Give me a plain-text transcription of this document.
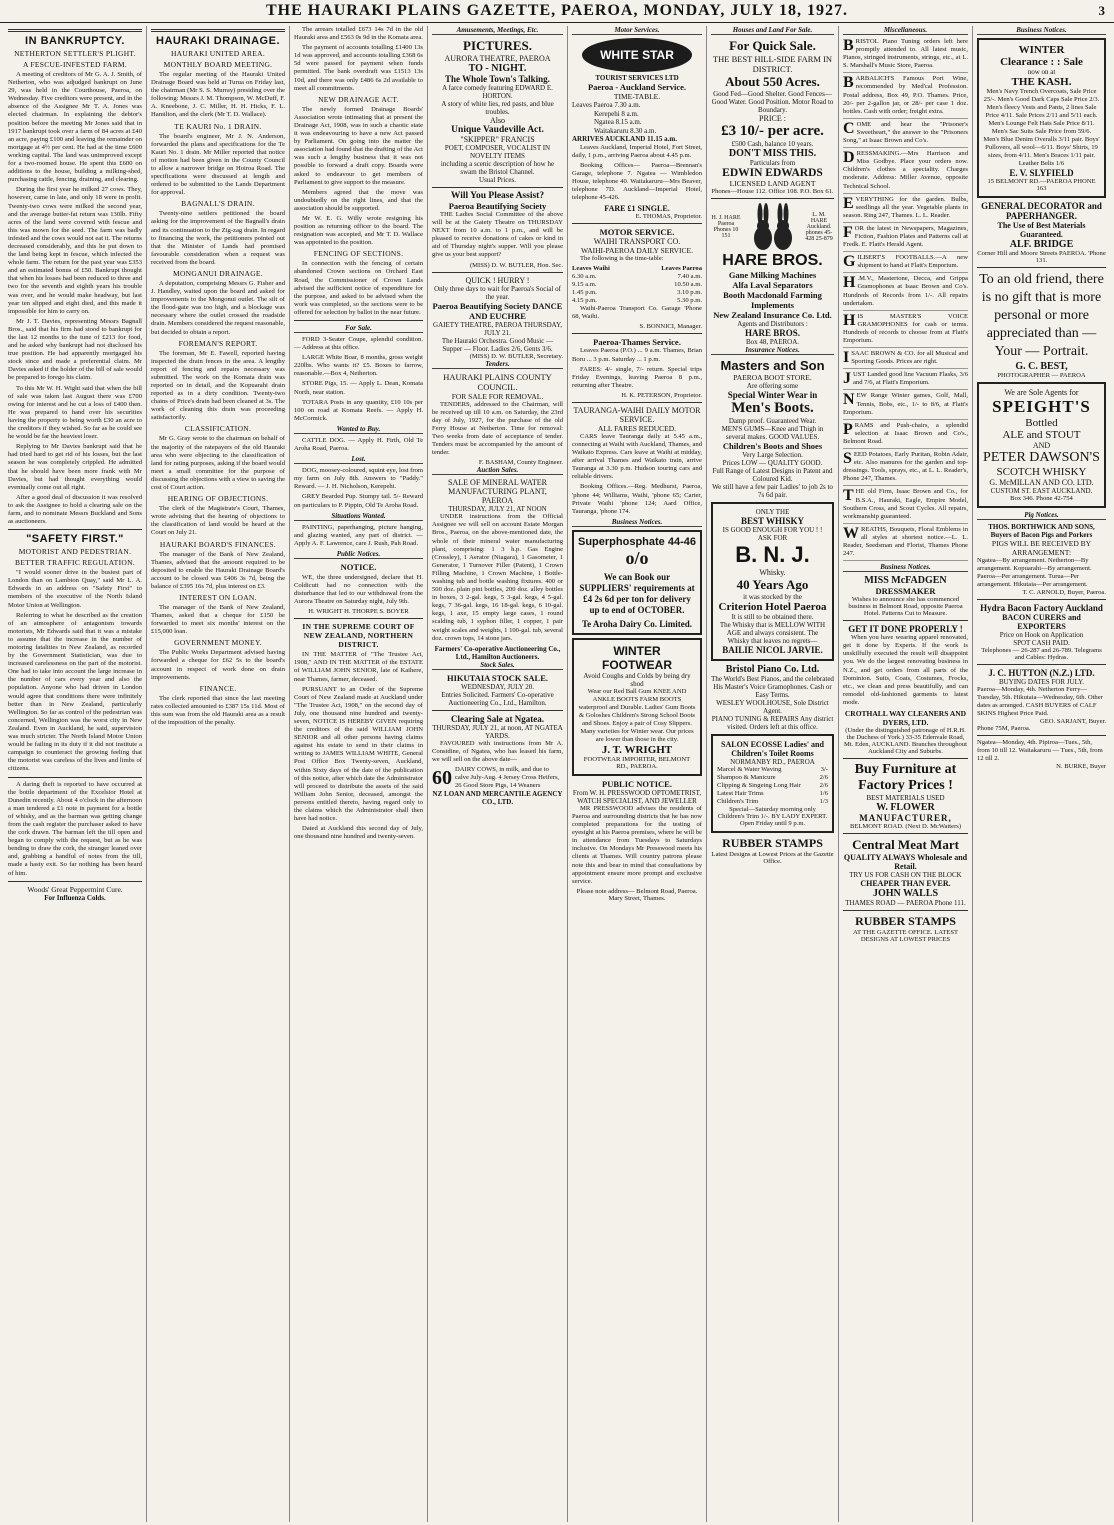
THE HAURAKI PLAINS GAZETTE, PAEROA, MONDAY, JULY 18, 1927.	3
IN BANKRUPTCY.
NETHERTON SETTLER'S PLIGHT.
A FESCUE-INFESTED FARM.

A meeting of creditors of Mr G. A. J. Smith, of Netherton, who was adjudged bankrupt on June 29, was held in the Courthouse, Paeroa, on Wednesday. Five creditors were present, and in the absence of the Assignee Mr T. A. Jones was elected chairman. In explaining the debtor's position before the meeting Mr Jones said that in 1917 bankrupt took over a farm of 84 acres at £40 an acre, paying £100 and leaving the remainder on mortgage at 4½ per cent. He had at the time £600 working capital. The land was unimproved except for a two-roomed house. He spent this £600 on additions to the house, building a milking-shed, purchasing cattle, fencing, draining, and clearing.

During the first year he milked 27 cows. They, however, came in late, and only 18 were in profit. Twenty-two cows were milked the second year, and the average butter-fat return was 130lb. Fifty acres of the land were covered with fescue and this was mown for the seed. The farm was badly infested and the cows would not eat it. The returns decreased considerably, and this he put down to the land being kept in fescue, which infected the whole farm. The return for the past year was £353 and an estimated bonus of £50. Bankrupt thought that when his losses had been reduced to three and two for the seventh and eighth years his trouble was over, and he would make headway, but last year ten slipped and eight died, and this made it impossible for him to carry on.

Mr J. T. Davies, representing Messrs Bagnall Bros., said that his firm had stood to bankrupt for the last 12 months to the tune of £213 for food, and he asked why bankrupt had not disclosed his true position. He had apparently mortgaged his stock since and made a preferential claim. Mr Davies asked if the holder of the bill of sale would be prepared to forego his claim.

To this Mr W. H. Wight said that when the bill of sale was taken last August there was £700 owing for interest and he cut a loss of £400 then. He was prepared to hand over his securities having the property to being worth £30 an acre to the creditors if they wished. So far as he could see he would be far the heaviest loser.

Replying to Mr Davies bankrupt said that he had tried hard to get rid of his losses, but the last season he was completely crippled. He admitted that he should have been more frank with Mr Davies, but had thought everything would eventually come out all right.

After a good deal of discussion it was resolved to ask the Assignee to hold a clearing sale on the farm, and to nominate Messrs Buckland and Sons as auctioneers.

"SAFETY FIRST."
MOTORIST AND PEDESTRIAN.
BETTER TRAFFIC REGULATION.

"I would sooner drive in the busiest part of London than on Lambton Quay," said Mr L. A. Edwards in an address on "Safety First" to members of the executive of the North Island Motor Union at Wellington.

Referring to what he described as the creation of an atmosphere of antagonism towards motorists, Mr Edwards said that it was a mistake to assume that the increase in the number of motoring fatalities in New Zealand, as recorded by the Government Statistician, was due to increased carelessness on the part of the motorist. One had to take into account the large increase in the number of cars every year and also the population. Anyone who had driven in London would agree that conditions there were infinitely better than in New Zealand, particularly Wellington. So far as control of the pedestrian was concerned, Wellington was the worst city in New Zealand. Even in Auckland, he said, supervision was much stricter. The North Island Motor Union would be failing in its duty if it did not institute a campaign to counteract the growing feeling that the motorist was careless of the lives and limbs of citizens.

A daring theft is reported to have occurred at the bottle department of the Excelsior Hotel at Dunedin recently. About 4 o'clock in the afternoon a man tendered a £1 note in payment for a bottle of whisky, and as the barman was getting change from the cash register the purchaser asked to have the cork drawn. The barman left the till open and began to comply with the request, but as he was bending to draw the cork, the stranger leaned over and, grabbing a handful of notes from the till, made a hasty exit. So far nothing has been heard of him.

Woods' Great Peppermint Cure.
For Influenza Colds.
HAURAKI DRAINAGE.
HAURAKI UNITED AREA.
MONTHLY BOARD MEETING.

The regular meeting of the Hauraki United Drainage Board was held at Turua on Friday last, the chairman (Mr S. S. Murray) presiding over the following: Messrs J. M. Thompson, W. McDuff, F. A. Kneebone, J. C. Miller, H. H. Hicks, F. L. Hamilton, and the clerk (Mr T. D. Wallace).

TE KAURI No. 1 DRAIN.

The board's engineer, Mr J. N. Anderson, forwarded the plans and specifications for the Te Kauri No. 1 drain. Mr Miller reported that notice of motion had been given in the County Council to allow a narrower bridge on Hoiroa Road. The specifications were discussed at length and ordered to be submitted to the Lands Department for approval.

BAGNALL'S DRAIN.

Twenty-nine settlers petitioned the board asking for the improvement of the Bagnall's drain and its continuation to the Zig-zag drain. In regard to financing the work, the petitioners pointed out that the Minister of Lands had promised favourable consideration when a request was received from the board.

MONGANUI DRAINAGE.

A deputation, comprising Messrs G. Fisher and J. Handley, waited upon the board and asked for improvements to the Mongonui outlet. The silt of the flood-gate was too high, and a blockage was necessary where the outlet crossed the roadside drain. Members considered the request reasonable, but decided to obtain a report.

FOREMAN'S REPORT.

The foreman, Mr E. Fawell, reported having inspected the drain fences in the area. A lengthy report of fencing and repairs necessary was submitted. The work on the Komata drain was reported on in detail, and the Kopuarahi drain reported as in a dirty condition. Twenty-two chains of Price's drain had been cleaned at 3s. The work of cleaning this drain was proceeding satisfactorily.

CLASSIFICATION.

Mr G. Gray wrote to the chairman on behalf of the majority of the ratepayers of the old Hauraki area who were objecting to the classification of land for rating purposes, asking if the board would meet a small committee for the purpose of discussing the objections with a view to saving the cost of Court action.

HEARING OF OBJECTIONS.

The clerk of the Magistrate's Court, Thames, wrote advising that the hearing of objections to the classification of land would be heard at the Court on July 21.

HAURAKI BOARD'S FINANCES.

The manager of the Bank of New Zealand, Thames, advised that the amount required to be deposited to enable the Hauraki Drainage Board's account to be closed was £406 3s 7d, being the balance of £395 16s 7d, plus interest on £3.

INTEREST ON LOAN.

The manager of the Bank of New Zealand, Thames, asked that a cheque for £150 be forwarded to meet six months' interest on the £15,000 loan.

GOVERNMENT MONEY.

The Public Works Department advised having forwarded a cheque for £62 5s to the board's account in respect of work done on drain improvements.

FINANCE.

The clerk reported that since the last meeting rates collected amounted to £387 15s 11d. Most of this sum was from the old Hauraki area as a result of the imposition of the penalty.

The arrears totalled £673 14s 7d in the old Hauraki area and £563 0s 9d in the Komata area.

The payment of accounts totalling £1400 13s 1d was approved, and accounts totalling £368 6s 5d were passed for payment when funds permitted. The bank overdraft was £1513 13s 10d, and there was only £486 6s 2d available to meet all commitments.

NEW DRAINAGE ACT.

The newly formed Drainage Boards' Association wrote intimating that at present the Drainage Act, 1908, was in such a chaotic state it was endeavouring to have a new Act passed by Parliament. On going into the matter the association had found that the drafting of the Act was such a lengthy business that it was not possible to forward a draft copy. Boards were asked to endeavour to get members of Parliament to give support to the measure.

Members agreed that the move was undoubtedly on the right lines, and that the association should be supported.

Mr W. E. G. Willy wrote resigning his position as returning officer to the board. The resignation was accepted, and Mr T. D. Wallace was appointed to the position.

FENCING OF SECTIONS.

In connection with the fencing of certain abandoned Crown sections on Orchard East Road, the Commissioner of Crown Lands advised the sufficient notice of expenditure for the purpose, and asked to be advised when the work was completed, so the sections were to be offered for selection by ballot in the near future.

For Sale.

FORD 3-Seater Coupe, splendid condition. — Address at this office.

LARGE White Boar, 8 months, gross weight 220lbs. Who wants it? £5. Boxes to farrow, reasonable.—Box 4, Netherton.

STORE Pigs, 15. — Apply L. Dean, Komata North, near station.

TOTARA Posts in any quantity, £10 10s per 100 on road at Komata Reefs. — Apply H. McCormick.

Wanted to Buy.

CATTLE DOG. — Apply H. Firth, Old Te Aroha Road, Paeroa.

Lost.

DOG, moosey-coloured, squint eye, lost from my farm on July 8th. Answers to "Paddy." Reward. — J. H. Nicholson, Kerepehi.

GREY Bearded Pup. Stumpy tail. 5/- Reward on particulars to P. Pippin, Old Te Aroha Road.

Situations Wanted.

PAINTING, paperhanging, picture hanging, and glazing wanted, any part of district. — Apply A. F. Lawrence, care J. Rush, Pah Road.

Public Notices.
NOTICE.

WE, the three undersigned, declare that H. Coldicutt had no connection with the disturbance that led to our withdrawal from the Aurora Theatre on Saturday night, July 9th.

H. WRIGHT H. THORPE S. BOYER
IN THE SUPREME COURT OF NEW ZEALAND, NORTHERN DISTRICT.

IN THE MATTER of "The Trustee Act, 1908," AND IN THE MATTER of the ESTATE of WILLIAM JOHN SENIOR, late of Kaihere, near Thames, farmer, deceased.

PURSUANT to an Order of the Supreme Court of New Zealand made at Auckland under "The Trustee Act, 1908," on the second day of July, one thousand nine hundred and twenty-seven, NOTICE IS HEREBY GIVEN requiring the creditors of the said WILLIAM JOHN SENIOR and all other persons having claims against his estate to send in their claims in writing to JAMES WILLIAM WHITE, General Post Office Box Twenty-seven, Auckland, within Sixty days of the date of the publication of this notice, after which date the Administrator will proceed to distribute the assets of the said William John Senior, deceased, amongst the persons entitled thereto, having regard only to the claims which the Administrator shall then have had notice.

Dated at Auckland this second day of July, one thousand nine hundred and twenty-seven.

Amusements, Meetings, Etc.
PICTURES.
AURORA THEATRE, PAEROA
TO - NIGHT.
The Whole Town's Talking.
A farce comedy featuring EDWARD E. HORTON.
A story of white lies, red pasts, and blue troubles.
Also
Unique Vaudeville Act.
"SKIPPER" FRANCIS
POET, COMPOSER, VOCALIST IN NOVELTY ITEMS
including a scenic description of how he swam the Bristol Channel.
Usual Prices.
Will You Please Assist?
Paeroa Beautifying Society

THE Ladies Social Committee of the above will be at the Gaiety Theatre on THURSDAY NEXT from 10 a.m. to 1 p.m., and will be pleased to receive donations of cakes or kind in aid of Thursday night's supper. Will you please give us your best support?

(MISS) D. W. BUTLER, Hon. Sec.
QUICK ! HURRY !
Only three days to wait for Paeroa's Social of the year.
Paeroa Beautifying Society DANCE AND EUCHRE
GAIETY THEATRE, PAEROA THURSDAY, JULY 21.
The Hauraki Orchestra. Good Music — Supper — Floor. Ladies 2/6, Gents 3/6.
(MISS) D. W. BUTLER, Secretary.
Tenders.
HAURAKI PLAINS COUNTY COUNCIL.
FOR SALE FOR REMOVAL.

TENDERS, addressed to the Chairman, will be received up till 10 a.m. on Saturday, the 23rd day of July, 1927, for the purchase of the old Ferry House at Netherton. Time for removal: Two weeks from date of acceptance of tender. Tenders must be accompanied by the amount of tender.

F. BASHAM, County Engineer.
Auction Sales.
SALE OF MINERAL WATER MANUFACTURING PLANT, PAEROA
THURSDAY, JULY 21, AT NOON

UNDER instructions from the Official Assignee we will sell on account Estate Morgan Bros., Paeroa, on the above-mentioned date, the whole of their mineral water manufacturing plant, comprising: 1 3 h.p. Gas Engine (Crossley), 1 Aerator (Niagara), 1 Gasometer, 1 Generator, 1 Turnover Filler (Patent), 1 Crown Filling Machine, 1 Crown Machine, 1 Bottle-washing tub and bottle washing fixtures. 400 or 500 doz. plain pint bottles, 200 doz. alley bottles in boxes, 3 2-gal. kegs, 5 3-gal. kegs, 4 5-gal. kegs, 7 36-gal. kegs, 16 18-gal. kegs, 6 10-gal. kegs, 1 axe, 15 empty large cases, 1 round scalding tub, 1 syphon filler, 1 copper, 1 pair weight scales and weights, 1 100-gal. tub, several doz. crown tops, 14 stone jars.

Farmers' Co-operative Auctioneering Co., Ltd., Hamilton Auctioneers.
Stock Sales.
HIKUTAIA STOCK SALE.
WEDNESDAY, JULY 20.
Entries Solicited. Farmers' Co-operative Auctioneering Co., Ltd., Hamilton.
Clearing Sale at Ngatea.
THURSDAY, JULY 21, at noon, AT NGATEA YARDS.

FAVOURED with instructions from Mr A. Considine, of Ngatea, who has leased his farm, we will sell on the above date—

60 DAIRY COWS, in milk, and due to calve July-Aug. 4 Jersey Cross Heifers, 26 Good Store Pigs, 14 Weaners
NZ LOAN AND MERCANTILE AGENCY CO., LTD.
Motor Services.
WHITE STAR
TOURIST SERVICES LTD
Paeroa - Auckland Service.
TIME-TABLE.
Leaves Paeroa 7.30 a.m.
Kerepehi 8 a.m.
Ngatea 8.15 a.m.
Waitakaruru 8.30 a.m.
ARRIVES AUCKLAND 11.15 a.m.

Leaves Auckland, Imperial Hotel, Fort Street, daily, 1 p.m., arriving Paeroa about 4.45 p.m.

Booking Offices— Paeroa—Brennan's Garage, telephone 7. Ngatea — Wimbledon House, telephone 40. Waitakaruru—Mrs Beaver, telephone 7D. Auckland—Imperial Hotel, telephone 45-426.

FARE £1 SINGLE.
E. THOMAS, Proprietor.
MOTOR SERVICE.
WAIHI TRANSPORT CO.
WAIHI-PAEROA DAILY SERVICE.
The following is the time-table:
Leaves Waihi	Leaves Paeroa
6.30 a.m.	7.40 a.m.
9.15 a.m.	10.50 a.m.
1.45 p.m.	3.10 p.m.
4.15 p.m.	5.30 p.m.

Waihi-Paeroa Transport Co. Garage 'Phone 68, Waihi.

S. BONNICI, Manager.
Paeroa-Thames Service.

Leaves Paeroa (P.O.) ... 9 a.m. Thames, Brian Boru ... 3 p.m. Saturday ... 1 p.m.

FARES: 4/- single, 7/- return. Special trips Friday Evenings, leaving Paeroa 8 p.m., returning after Theatre.

H. K. PETERSON, Proprietor.
TAURANGA-WAIHI DAILY MOTOR SERVICE.
ALL FARES REDUCED.

CARS leave Tauranga daily at 5.45 a.m., connecting at Waihi with Auckland, Thames, and Waikato Express. Cars leave at Waihi at midday, after arrival Thames and Waikato train, arrive Tauranga at 3.30 p.m. Hudson touring cars and reliable drivers.

Booking Offices.—Reg. Medhurst, Paeroa, 'phone 44; Williams, Waihi, 'phone 65; Carter, Private Waihi 'phone 124; Aard Office, Tauranga, 'phone 174.

Business Notices.
Superphosphate 44-46
o/o
We can Book our SUPPLIERS' requirements at £4 2s 6d per ton for delivery up to end of OCTOBER.
Te Aroha Dairy Co. Limited.
WINTER FOOTWEAR
Avoid Coughs and Colds by being dry shod
Wear our Red Ball Gum KNEE AND ANKLE BOOTS FARM BOOTS waterproof and Durable. Ladies' Gum Boots & Goloshes Children's Strong School Boots and Shoes. Enjoy a pair of Cosy Slippers. Many varieties for Winter wear. Our prices are lower than those in the city.
J. T. WRIGHT
FOOTWEAR IMPORTER, BELMONT RD., PAEROA.
PUBLIC NOTICE.
From W. H. PRESSWOOD OPTOMETRIST, WATCH SPECIALIST, AND JEWELLER

MR PRESSWOOD advises the residents of Paeroa and surrounding districts that he has now completed preparations for the testing of eyesight at his Paeroa premises, where he will be in attendance from Tuesdays to Saturdays inclusive. On Mondays Mr Presswood meets his clients at Thames. Will country patrons please note this and bear in mind that consultations by appointment ensure more prompt and exclusive service.

Please note address— Belmont Road, Paeroa. Mary Street, Thames.
Houses and Land For Sale.
For Quick Sale.
THE BEST HILL-SIDE FARM IN DISTRICT.
About 550 Acres.
Good Fed—Good Shelter. Good Fences—Good Water. Good Position. Motor Road to Boundary.
PRICE :
£3 10/- per acre.
£500 Cash, balance 10 years.
DON'T MISS THIS.
Particulars from
EDWIN EDWARDS
LICENSED LAND AGENT
Phones—House 112. Office 108. P.O. Box 61.
H. J. HARE Paeroa Phones 10 151
L. M. HARE Auckland. phones 45-428 25-879
HARE BROS.
Gane Milking Machines
Alfa Laval Separators
Booth Macdonald Farming Implements
New Zealand Insurance Co. Ltd.
Agents and Distributors :
HARE BROS.
Box 48, PAEROA.
Insurance Notices.
Masters and Son
PAEROA BOOT STORE.
Are offering some
Special Winter Wear in
Men's Boots.
Damp proof. Guaranteed Wear.
MEN'S GUMS—Knee and Thigh in several makes. GOOD VALUES.
Children's Boots and Shoes
Very Large Selection.
Prices LOW — QUALITY GOOD.
Full Range of Latest Designs in Patent and Coloured Kid.
We still have a few pair Ladies' to job 2s to 7s 6d pair.
ONLY THE
BEST WHISKY
IS GOOD ENOUGH FOR YOU ! !
ASK FOR
B. N. J.
Whisky.
40 Years Ago
it was stocked by the
Criterion Hotel Paeroa
It is still to be obtained there.
The Whisky that is MELLOW WITH AGE and always consistent. The Whisky that leaves no regrets—
BAILIE NICOL JARVIE.
Bristol Piano Co. Ltd.
The World's Best Pianos, and the celebrated His Master's Voice Gramophones. Cash or Easy Terms.
WESLEY WOOLHOUSE, Sole District Agent.
PIANO TUNING & REPAIRS Any district visited. Orders left at this office.
SALON ECOSSE Ladies' and Children's Toilet Rooms
NORMANBY RD., PAEROA
Marcel & Water Waving	3/-
Shampoo & Manicure	2/6
Clipping & Singeing Long Hair	2/6
Latest Hair Trims	1/6
Children's Trim	1/3
Special—Saturday morning only Children's Trim 1/-. BY LADY EXPERT. Open Friday until 9 p.m.
RUBBER STAMPS
Latest Designs at Lowest Prices at the Gazette Office.
Miscellaneous.
BRISTOL Piano Tuning orders left here promptly attended to. All latest music, Pianos, stringed instruments, strings, etc., at L. S. Marshall's Music Store, Paeroa.
BARBALICH'S Famous Port Wine, recommended by Med'cal Profession. Postal address, Box 49, P.O. Thames. Price, 20/- per 2-gallon jar, or 28/- per case 1 doz. bottles. Cash with order; freight extra.
COME and hear the "Prisoner's Sweetheart," the answer to the "Prisoners Song," at Isaac Brown and Co's.
DRESSMAKING.—Mrs Harrison and Miss Godbye. Place your orders now. Children's clothes a speciality. Charges moderate. Address: Miller Avenue, opposite Technical School.
EVERYTHING for the garden. Bulbs, seedlings all the year. Vegetable plants in season. Ring 247, Thames. L. L. Reader.
FOR the latest in Newspapers, Magazines, Fiction, Fashion Plates and Patterns call at Fredk. E. Flatt's Herald Agent.
GILBERT'S FOOTBALLS.—A new shipment to hand at Flatt's Emporium.
H .M.V., Mastertone, Decca, and Grippa Gramophones at Isaac Brown and Co's. Hundreds of Records from 1/-. All repairs undertaken.
HIS MASTER'S VOICE GRAMOPHONES for cash or terms. Hundreds of records to choose from at Flatt's Emporium.
ISAAC BROWN & CO. for all Musical and Sporting Goods. Prices are right.
JUST Landed good line Vacuum Flasks, 3/6 and 7/6, at Flatt's Emporium.
NEW Range Winter games, Golf, Mall, Tennis, Bobs, etc., 1/- to 8/6, at Flatt's Emporium.
PRAMS and Push-chairs, a splendid selection at Isaac Brown and Co's., Belmont Road.
SEED Potatoes, Early Puritan, Robin Adair, etc. Also manures for the garden and top-dressings. Tools, sprays, etc., at L. L. Reader's, Phone 247, Thames.
THE old Firm, Isaac Brown and Co., for B.S.A., Hauraki, Eagle, Empire Model, Southern Cross, and Scout Cycles. All repairs, workmanship guaranteed.
WREATHS, Bouquets, Floral Emblems in all styles at shortest notice.—L. L. Reader, Seedsman and Florist, Thames Phone 247.
Business Notices.
MISS McFADGEN
DRESSMAKER
Wishes to announce she has commenced business in Belmont Road, opposite Paeroa Hotel. Patterns Cut to Measure.
GET IT DONE PROPERLY !

When you have wearing apparel renovated, get it done by Experts. If the work is unskilfully executed the result will disappoint you. We do the largest renovating business in N.Z., and get orders from all parts of the Dominion. Suits, Coats, Costumes, Frocks, etc., we clean and press beautifully, and can remodel old-fashioned garments to latest mode.

CROTHALL WAY CLEANERS AND DYERS, LTD.
(Under the distinguished patronage of H.R.H. the Duchess of York.) 33-35 Edenvale Road, Mt. Eden, AUCKLAND. Branches throughout Auckland City and Suburbs.
Buy Furniture at Factory Prices !
BEST MATERIALS USED
W. FLOWER
MANUFACTURER,
BELMONT ROAD. (Next D. McWatters)
Central Meat Mart
QUALITY ALWAYS Wholesale and Retail.
TRY US FOR CASH ON THE BLOCK
CHEAPER THAN EVER.
JOHN WALLS
THAMES ROAD — PAEROA Phone 111.
RUBBER STAMPS
AT THE GAZETTE OFFICE. LATEST DESIGNS AT LOWEST PRICES
Business Notices.
WINTER
Clearance : : Sale
now on at
THE KASH.
Men's Navy Trench Overcoats, Sale Price 25/-. Men's Good Dark Caps Sale Price 2/3. Men's fleecy Vests and Pants, 2 lines Sale Price 4/11. Sale Prices 2/11 and 5/11 each. Men's Lounge Felt Hats Sale Price 8/11. Men's Sac Suits Sale Price from 59/6. Men's Blue Denim Overalls 3/11 pair. Boys' Pullovers, all wool—6/11. Boys' Shirts, 19 sizes, from 4/11. Men's Braces 1/11 pair. Leather Belts 1/6
E. V. SLYFIELD
15 BELMONT RD.—PAEROA PHONE 163
GENERAL DECORATOR and PAPERHANGER.
The Use of Best Materials Guaranteed.
ALF. BRIDGE
Corner Hill and Moore Streets PAEROA. 'Phone 131.
To an old friend, there is no gift that is more personal or more appreciated than — Your — Portrait.
G. C. BEST,
PHOTOGRAPHER — PAEROA
We are Sole Agents for
SPEIGHT'S
Bottled
ALE and STOUT
AND
PETER DAWSON'S
SCOTCH WHISKY
G. McMILLAN AND CO. LTD.
CUSTOM ST. EAST AUCKLAND.
Box 346. Phone 42-754
Pig Notices.
THOS. BORTHWICK AND SONS, Buyers of Bacon Pigs and Porkers
PIGS WILL BE RECEIVED BY ARRANGEMENT:
Ngatea—By arrangement. Netherton—By arrangement. Kopuarahi—By arrangement. Paeroa—Per arrangement. Turua—Per arrangement. Hikutaia—Per arrangement.
T. C. ARNOLD, Buyer, Paeroa.
Hydra Bacon Factory Auckland
BACON CURERS and EXPORTERS
Price on Hook on Application
SPOT CASH PAID.
Telephones — 26-287 and 26-789. Telegrams and Cables: Hydras.
J. C. HUTTON (N.Z.) LTD.
BUYING DATES FOR JULY.
Paeroa—Monday, 4th. Netherton Ferry—Tuesday, 5th. Hikutaia—Wednesday, 6th. Other dates as arranged. CASH BUYERS of CALF SKINS Highest Price Paid.
GEO. SARJANT, Buyer.
Phone 75M, Paeroa.
Ngatea—Monday, 4th. Pipiroa—Tues., 5th, from 10 till 12. Waitakaruru — Tues., 5th, from 12 till 2.
N. BURKE, Buyer
